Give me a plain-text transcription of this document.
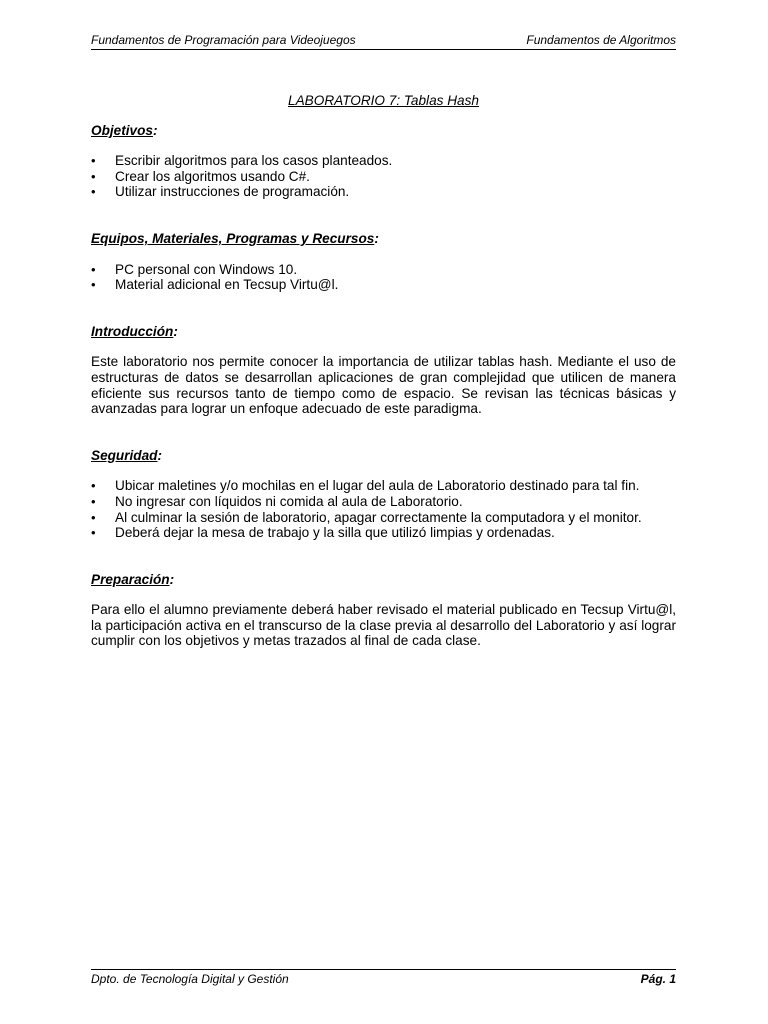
Fundamentos de Programación para Videojuegos	Fundamentos de Algoritmos
LABORATORIO 7: Tablas Hash
Objetivos:
• Escribir algoritmos para los casos planteados.
• Crear los algoritmos usando C#.
• Utilizar instrucciones de programación.
Equipos, Materiales, Programas y Recursos:
• PC personal con Windows 10.
• Material adicional en Tecsup Virtu@l.
Introducción:

Este laboratorio nos permite conocer la importancia de utilizar tablas hash. Mediante el uso de estructuras de datos se desarrollan aplicaciones de gran complejidad que utilicen de manera eficiente sus recursos tanto de tiempo como de espacio. Se revisan las técnicas básicas y avanzadas para lograr un enfoque adecuado de este paradigma.

Seguridad:
• Ubicar maletines y/o mochilas en el lugar del aula de Laboratorio destinado para tal fin.
• No ingresar con líquidos ni comida al aula de Laboratorio.
• Al culminar la sesión de laboratorio, apagar correctamente la computadora y el monitor.
• Deberá dejar la mesa de trabajo y la silla que utilizó limpias y ordenadas.
Preparación:

Para ello el alumno previamente deberá haber revisado el material publicado en Tecsup Virtu@l, la participación activa en el transcurso de la clase previa al desarrollo del Laboratorio y así lograr cumplir con los objetivos y metas trazados al final de cada clase.

Dpto. de Tecnología Digital y Gestión	Pág. 1
